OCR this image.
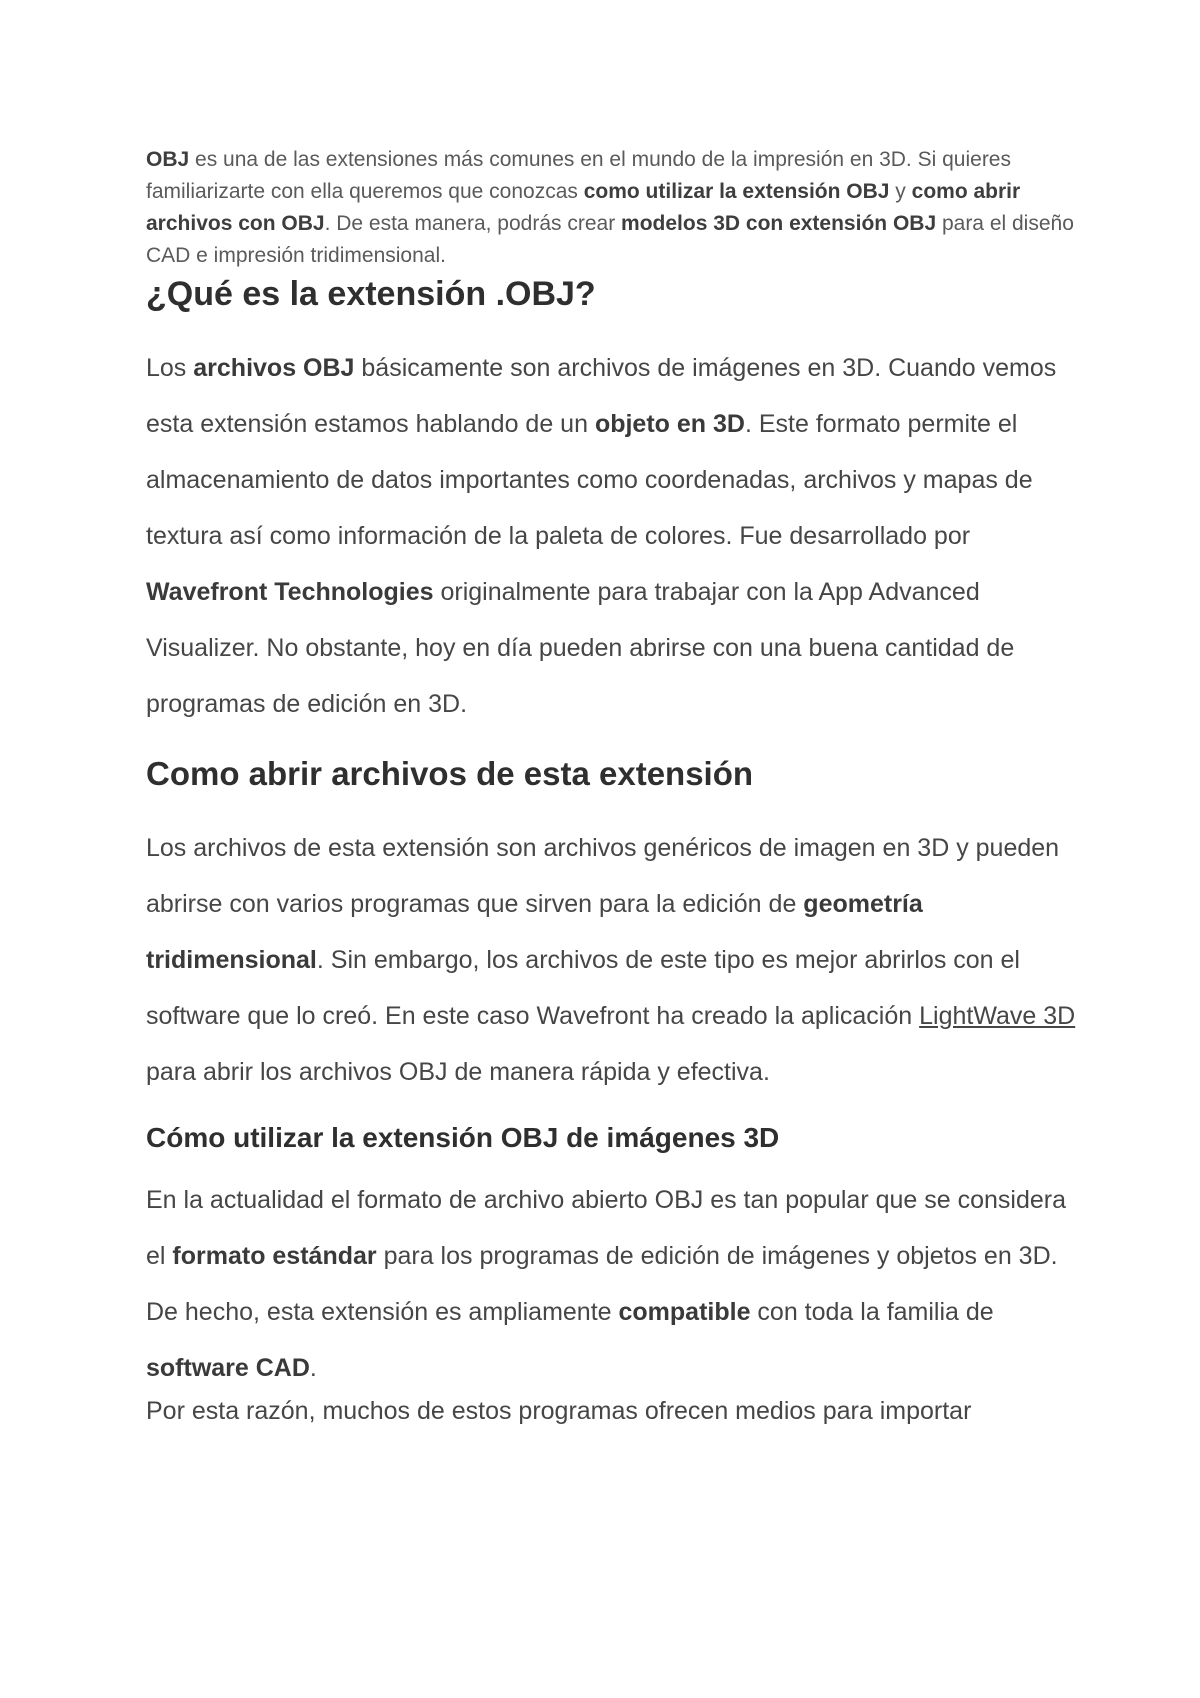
OBJ es una de las extensiones más comunes en el mundo de la impresión en 3D. Si quieres familiarizarte con ella queremos que conozcas como utilizar la extensión OBJ y como abrir archivos con OBJ. De esta manera, podrás crear modelos 3D con extensión OBJ para el diseño CAD e impresión tridimensional.

¿Qué es la extensión .OBJ?

Los archivos OBJ básicamente son archivos de imágenes en 3D. Cuando vemos esta extensión estamos hablando de un objeto en 3D. Este formato permite el almacenamiento de datos importantes como coordenadas, archivos y mapas de textura así como información de la paleta de colores. Fue desarrollado por Wavefront Technologies originalmente para trabajar con la App Advanced Visualizer. No obstante, hoy en día pueden abrirse con una buena cantidad de programas de edición en 3D.

Como abrir archivos de esta extensión

Los archivos de esta extensión son archivos genéricos de imagen en 3D y pueden abrirse con varios programas que sirven para la edición de geometría tridimensional. Sin embargo, los archivos de este tipo es mejor abrirlos con el software que lo creó. En este caso Wavefront ha creado la aplicación LightWave 3D para abrir los archivos OBJ de manera rápida y efectiva.

Cómo utilizar la extensión OBJ de imágenes 3D

En la actualidad el formato de archivo abierto OBJ es tan popular que se considera el formato estándar para los programas de edición de imágenes y objetos en 3D. De hecho, esta extensión es ampliamente compatible con toda la familia de software CAD.

Por esta razón, muchos de estos programas ofrecen medios para importar
